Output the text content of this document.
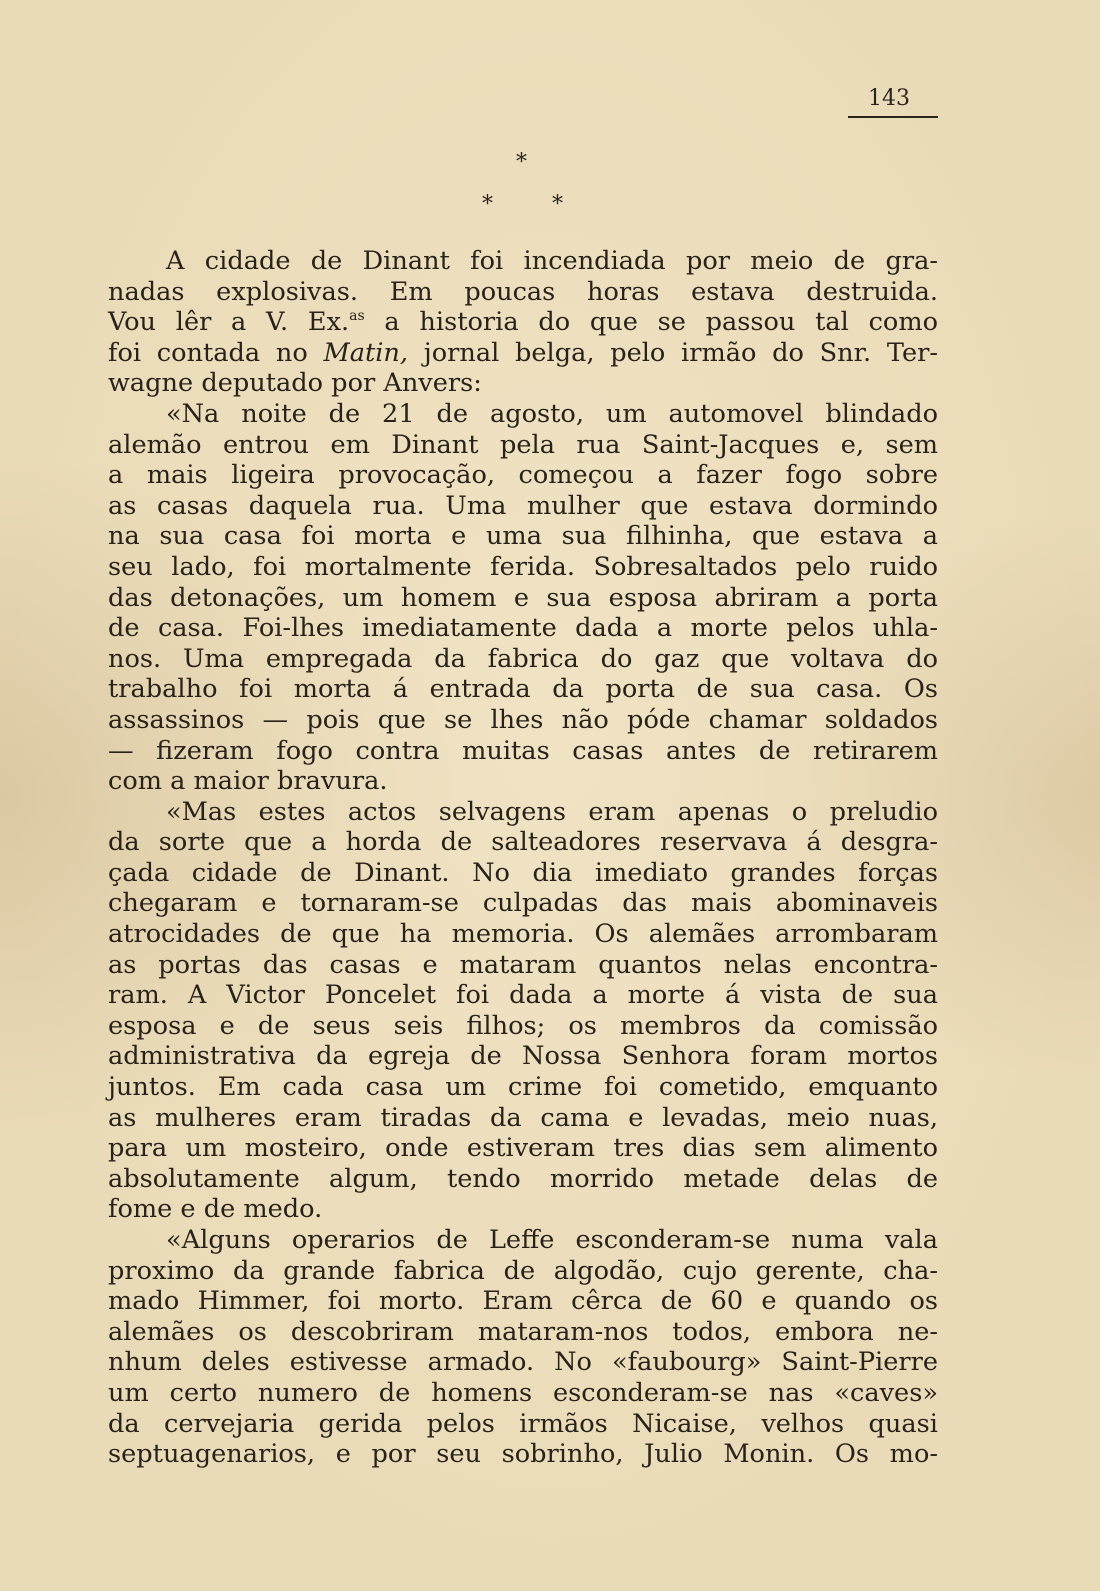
143
*
*	*
A cidade de Dinant foi incendiada por meio de gra-
nadas explosivas. Em poucas horas estava destruida.
Vou lêr a V. Ex.$^{as}$ a historia do que se passou tal como
foi contada no Matin, jornal belga, pelo irmão do Snr. Ter-
wagne deputado por Anvers:
«Na noite de 21 de agosto, um automovel blindado
alemão entrou em Dinant pela rua Saint-Jacques e, sem
a mais ligeira provocação, começou a fazer fogo sobre
as casas daquela rua. Uma mulher que estava dormindo
na sua casa foi morta e uma sua filhinha, que estava a
seu lado, foi mortalmente ferida. Sobresaltados pelo ruido
das detonações, um homem e sua esposa abriram a porta
de casa. Foi-lhes imediatamente dada a morte pelos uhla-
nos. Uma empregada da fabrica do gaz que voltava do
trabalho foi morta á entrada da porta de sua casa. Os
assassinos — pois que se lhes não póde chamar soldados
— fizeram fogo contra muitas casas antes de retirarem
com a maior bravura.
«Mas estes actos selvagens eram apenas o preludio
da sorte que a horda de salteadores reservava á desgra-
çada cidade de Dinant. No dia imediato grandes forças
chegaram e tornaram-se culpadas das mais abominaveis
atrocidades de que ha memoria. Os alemães arrombaram
as portas das casas e mataram quantos nelas encontra-
ram. A Victor Poncelet foi dada a morte á vista de sua
esposa e de seus seis filhos; os membros da comissão
administrativa da egreja de Nossa Senhora foram mortos
juntos. Em cada casa um crime foi cometido, emquanto
as mulheres eram tiradas da cama e levadas, meio nuas,
para um mosteiro, onde estiveram tres dias sem alimento
absolutamente algum, tendo morrido metade delas de
fome e de medo.
«Alguns operarios de Leffe esconderam-se numa vala
proximo da grande fabrica de algodão, cujo gerente, cha-
mado Himmer, foi morto. Eram cêrca de 60 e quando os
alemães os descobriram mataram-nos todos, embora ne-
nhum deles estivesse armado. No «faubourg» Saint-Pierre
um certo numero de homens esconderam-se nas «caves»
da cervejaria gerida pelos irmãos Nicaise, velhos quasi
septuagenarios, e por seu sobrinho, Julio Monin. Os mo-
